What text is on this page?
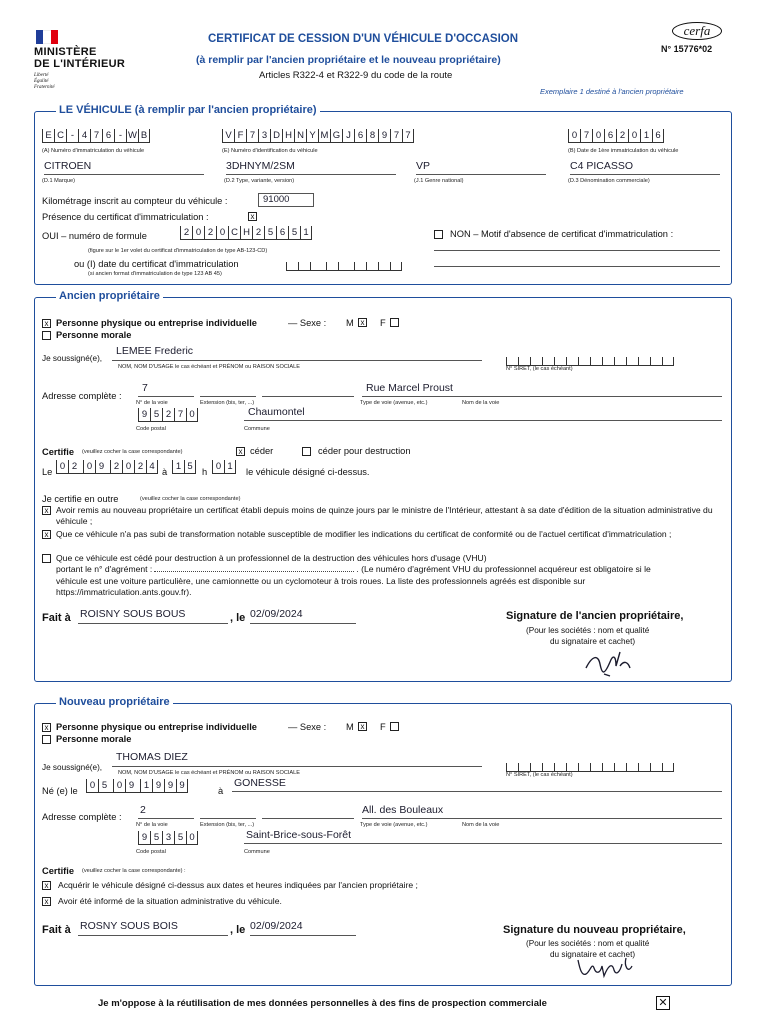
MINISTÈRE
DE L'INTÉRIEUR
Liberté
Égalité
Fraternité
CERTIFICAT DE CESSION D'UN VÉHICULE D'OCCASION
(à remplir par l'ancien propriétaire et le nouveau propriétaire)
Articles R322-4 et R322-9 du code de la route
cerfa
N° 15776*02
Exemplaire 1 destiné à l'ancien propriétaire
LE VÉHICULE (à remplir par l'ancien propriétaire)
E C - 4 7 6 - W B
(A) Numéro d'immatriculation du véhicule
V F 7 3 D H N Y M G J 6 8 9 7 7
(E) Numéro d'identification du véhicule
0 7 0 6 2 0 1 6
(B) Date de 1ère immatriculation du véhicule
CITROEN
(D.1 Marque)
3DHNYM/2SM
(D.2 Type, variante, version)
VP
(J.1 Genre national)
C4 PICASSO
(D.3 Dénomination commerciale)
Kilométrage inscrit au compteur du véhicule :	91000
Présence du certificat d'immatriculation :	x
OUI – numéro de formule	2 0 2 0 C H 2 5 6 5 1
(figure sur le 1er volet du certificat d'immatriculation de type AB-123-CD)
ou (I) date du certificat d'immatriculation
(si ancien format d'immatriculation de type 123 AB 45)
NON – Motif d'absence de certificat d'immatriculation :
Ancien propriétaire
x Personne physique ou entreprise individuelle	— Sexe : M x F
Personne morale
Je soussigné(e),
LEMEE Frederic
NOM, NOM D'USAGE le cas échéant et PRÉNOM ou RAISON SOCIALE	N° SIRET, (le cas échéant)
Adresse complète :
7
N° de la voie	Extension (bis, ter, ...)
Rue Marcel Proust
Type de voie (avenue, etc.)	Nom de la voie
9 5 2 7 0
Code postal
Chaumontel
Commune
Certifie (veuillez cocher la case correspondante)	x céder	céder pour destruction
Le 0 2	0 9	2 0 2 4 à 1 5	h 0 1	le véhicule désigné ci-dessus.
Je certifie en outre	(veuillez cocher la case correspondante)
x Avoir remis au nouveau propriétaire un certificat établi depuis moins de quinze jours par le ministre de l'Intérieur, attestant à sa date d'édition de la situation administrative du véhicule ;
x Que ce véhicule n'a pas subi de transformation notable susceptible de modifier les indications du certificat de conformité ou de l'actuel certificat d'immatriculation ;
Que ce véhicule est cédé pour destruction à un professionnel de la destruction des véhicules hors d'usage (VHU)
portant le n° d'agrément :	. (Le numéro d'agrément VHU du professionnel acquéreur est obligatoire si le
véhicule est une voiture particulière, une camionnette ou un cyclomoteur à trois roues. La liste des professionnels agréés est disponible sur
https://immatriculation.ants.gouv.fr).
Fait à ROISNY SOUS BOUS	, le 02/09/2024	Signature de l'ancien propriétaire,
(Pour les sociétés : nom et qualité
du signataire et cachet)
Nouveau propriétaire
x Personne physique ou entreprise individuelle	— Sexe : M x F
Personne morale
Je soussigné(e),
THOMAS DIEZ
NOM, NOM D'USAGE le cas échéant et PRÉNOM ou RAISON SOCIALE	N° SIRET, (le cas échéant)
Né (e) le	0 5	0 9	1 9 9 9	à
GONESSE
Adresse complète :
2
N° de la voie	Extension (bis, ter, ...)
All. des Bouleaux
Type de voie (avenue, etc.)	Nom de la voie
9 5 3 5 0
Code postal
Saint-Brice-sous-Forêt
Commune
Certifie (veuillez cocher la case correspondante) :
x Acquérir le véhicule désigné ci-dessus aux dates et heures indiquées par l'ancien propriétaire ;
x Avoir été informé de la situation administrative du véhicule.
Fait à ROSNY SOUS BOIS	, le 02/09/2024	Signature du nouveau propriétaire,
(Pour les sociétés : nom et qualité
du signataire et cachet)
Je m'oppose à la réutilisation de mes données personnelles à des fins de prospection commerciale	✕
